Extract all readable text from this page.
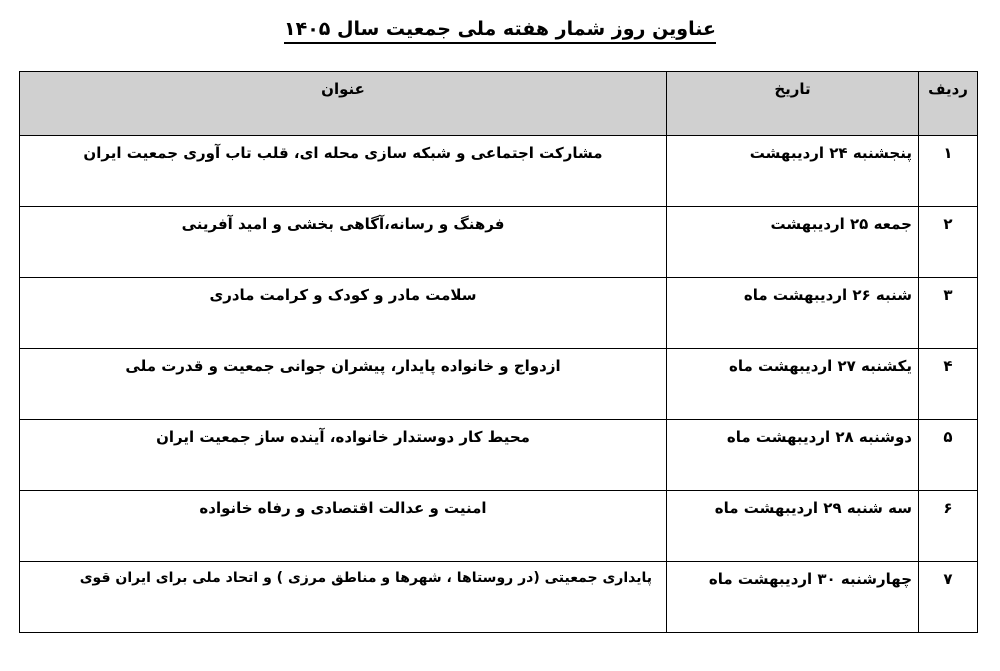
عناوین روز شمار هفته ملی جمعیت سال ۱۴۰۵
ردیف	تاریخ	عنوان
۱	پنجشنبه ۲۴ اردیبهشت	مشارکت اجتماعی و شبکه سازی محله ای، قلب تاب آوری جمعیت ایران
۲	جمعه ۲۵ اردیبهشت	فرهنگ و رسانه،آگاهی بخشی و امید آفرینی
۳	شنبه ۲۶ اردیبهشت ماه	سلامت مادر و کودک و کرامت مادری
۴	یکشنبه ۲۷ اردیبهشت ماه	ازدواج و خانواده پایدار، پیشران جوانی جمعیت و قدرت ملی
۵	دوشنبه ۲۸ اردیبهشت ماه	محیط کار دوستدار خانواده، آینده ساز جمعیت ایران
۶	سه شنبه ۲۹ اردیبهشت ماه	امنیت و عدالت اقتصادی و رفاه خانواده
۷	چهارشنبه ۳۰ اردیبهشت ماه	پایداری جمعیتی (در روستاها ، شهرها و مناطق مرزی ) و اتحاد ملی برای ایران قوی
